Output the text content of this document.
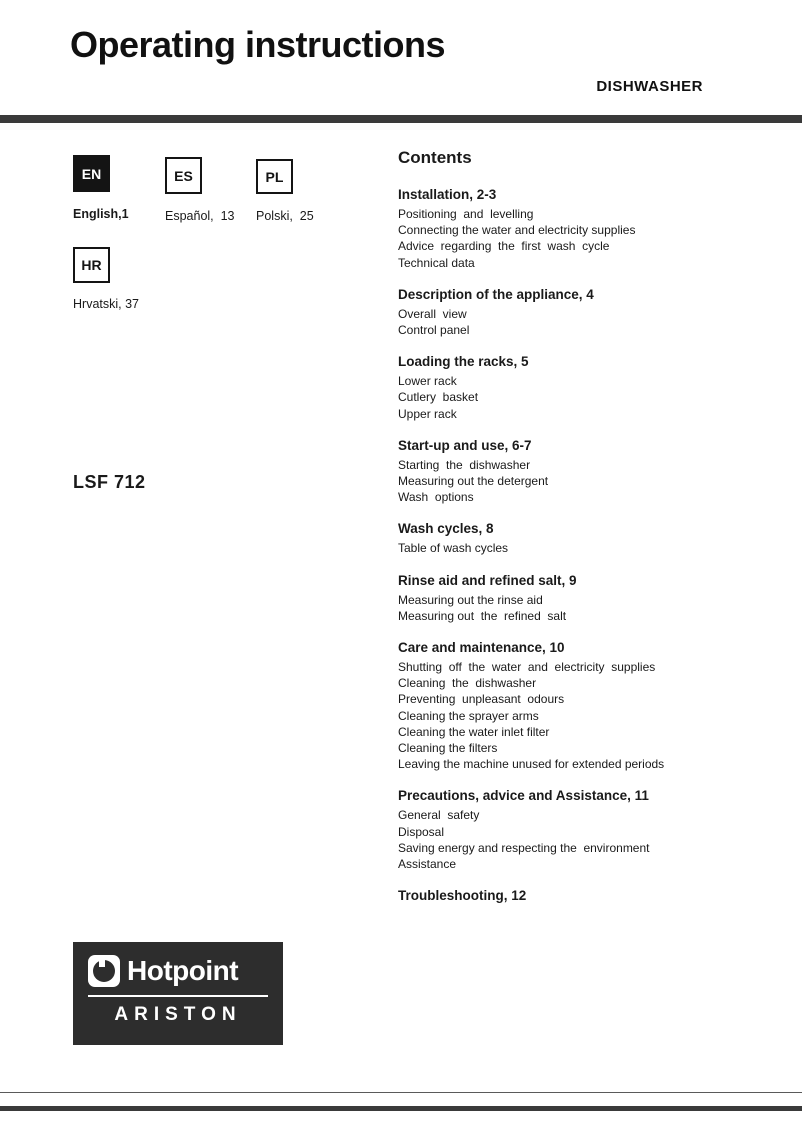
Operating instructions
DISHWASHER
EN	ES	PL
HR
English,1	Español,  13 Polski,  25
Hrvatski, 37
LSF 712
Contents
Installation, 2-3
Positioning  and  levelling
Connecting the water and electricity supplies
Advice  regarding  the  first  wash  cycle
Technical data
Description of the appliance, 4
Overall  view
Control panel
Loading the racks, 5
Lower rack
Cutlery  basket
Upper rack
Start-up and use, 6-7
Starting  the  dishwasher
Measuring out the detergent
Wash  options
Wash cycles, 8
Table of wash cycles
Rinse aid and refined salt, 9
Measuring out the rinse aid
Measuring out  the  refined  salt
Care and maintenance, 10
Shutting  off  the  water  and  electricity  supplies
Cleaning  the  dishwasher
Preventing  unpleasant  odours
Cleaning the sprayer arms
Cleaning the water inlet filter
Cleaning the filters
Leaving the machine unused for extended periods
Precautions, advice and Assistance, 11
General  safety
Disposal
Saving energy and respecting the  environment
Assistance
Troubleshooting, 12
Hotpoint
ARISTON
